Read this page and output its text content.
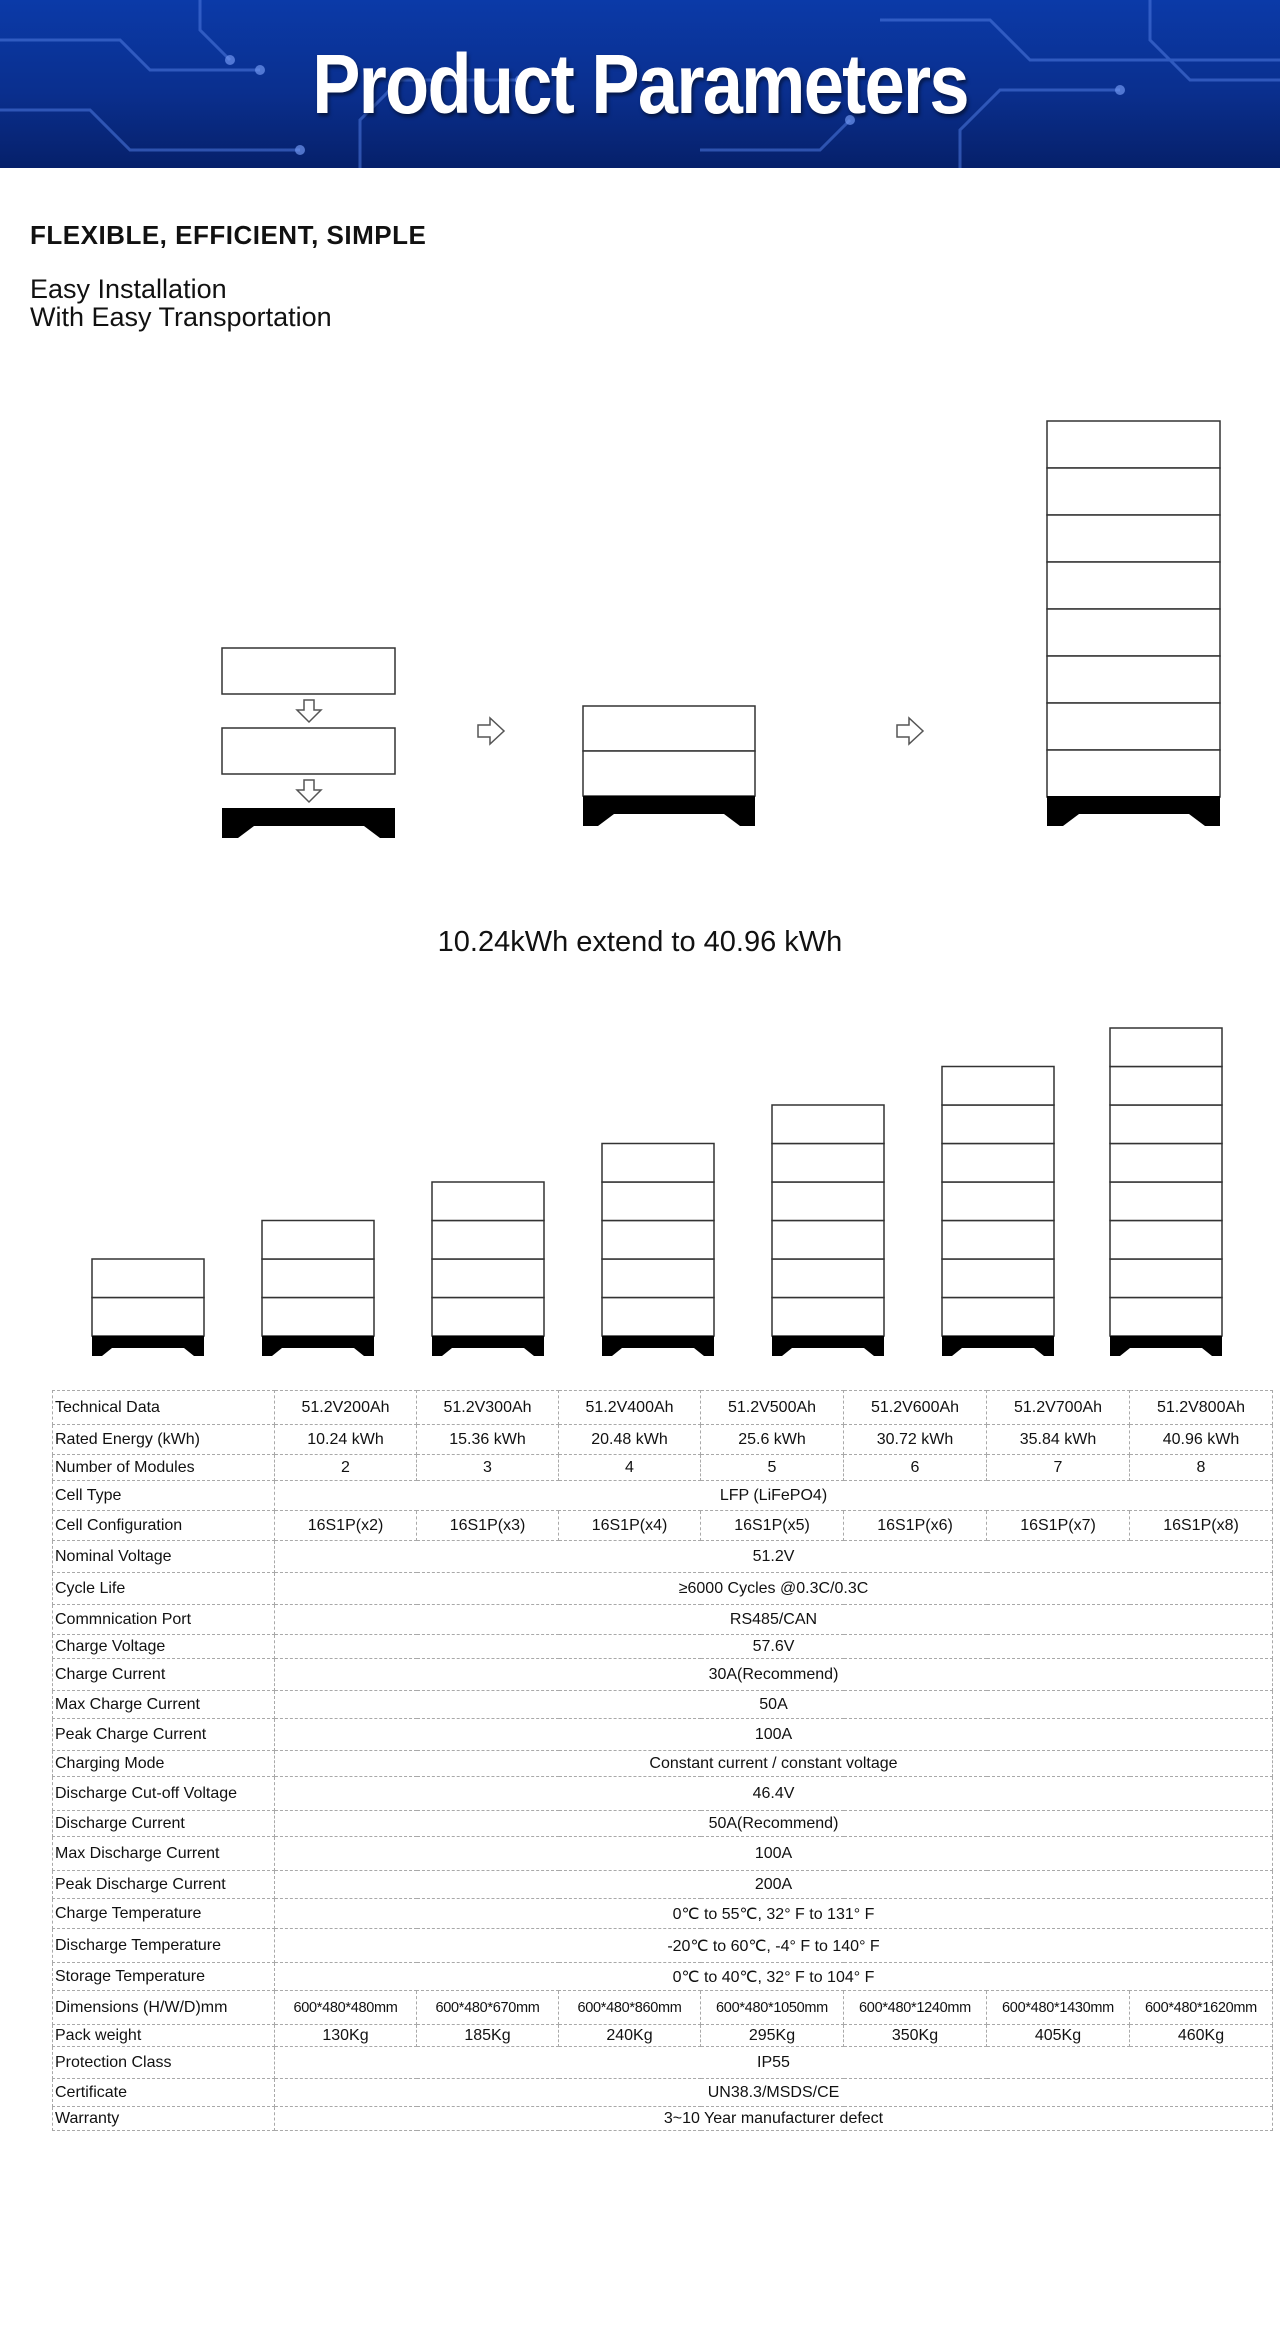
Product Parameters
FLEXIBLE, EFFICIENT, SIMPLE
Easy Installation
With Easy Transportation
10.24kWh extend to 40.96 kWh
Technical Data	51.2V200Ah	51.2V300Ah	51.2V400Ah	51.2V500Ah	51.2V600Ah	51.2V700Ah	51.2V800Ah
Rated Energy (kWh)	10.24 kWh	15.36 kWh	20.48 kWh	25.6 kWh	30.72 kWh	35.84 kWh	40.96 kWh
Number of Modules	2	3	4	5	6	7	8
Cell Type	LFP (LiFePO4)						
Cell Configuration	16S1P(x2)	16S1P(x3)	16S1P(x4)	16S1P(x5)	16S1P(x6)	16S1P(x7)	16S1P(x8)
Nominal Voltage	51.2V						
Cycle Life	≥6000 Cycles @0.3C/0.3C						
Commnication Port	RS485/CAN						
Charge Voltage	57.6V						
Charge Current	30A(Recommend)						
Max Charge Current	50A						
Peak Charge Current	100A						
Charging Mode	Constant current / constant voltage						
Discharge Cut-off Voltage	46.4V						
Discharge Current	50A(Recommend)						
Max Discharge Current	100A						
Peak Discharge Current	200A						
Charge Temperature	0℃ to 55℃, 32° F to 131° F						
Discharge Temperature	-20℃ to 60℃, -4° F to 140° F						
Storage Temperature	0℃ to 40℃, 32° F to 104° F						
Dimensions (H/W/D)mm	600*480*480mm	600*480*670mm	600*480*860mm	600*480*1050mm	600*480*1240mm	600*480*1430mm	600*480*1620mm
Pack weight	130Kg	185Kg	240Kg	295Kg	350Kg	405Kg	460Kg
Protection Class	IP55						
Certificate	UN38.3/MSDS/CE						
Warranty	3~10 Year manufacturer defect						
